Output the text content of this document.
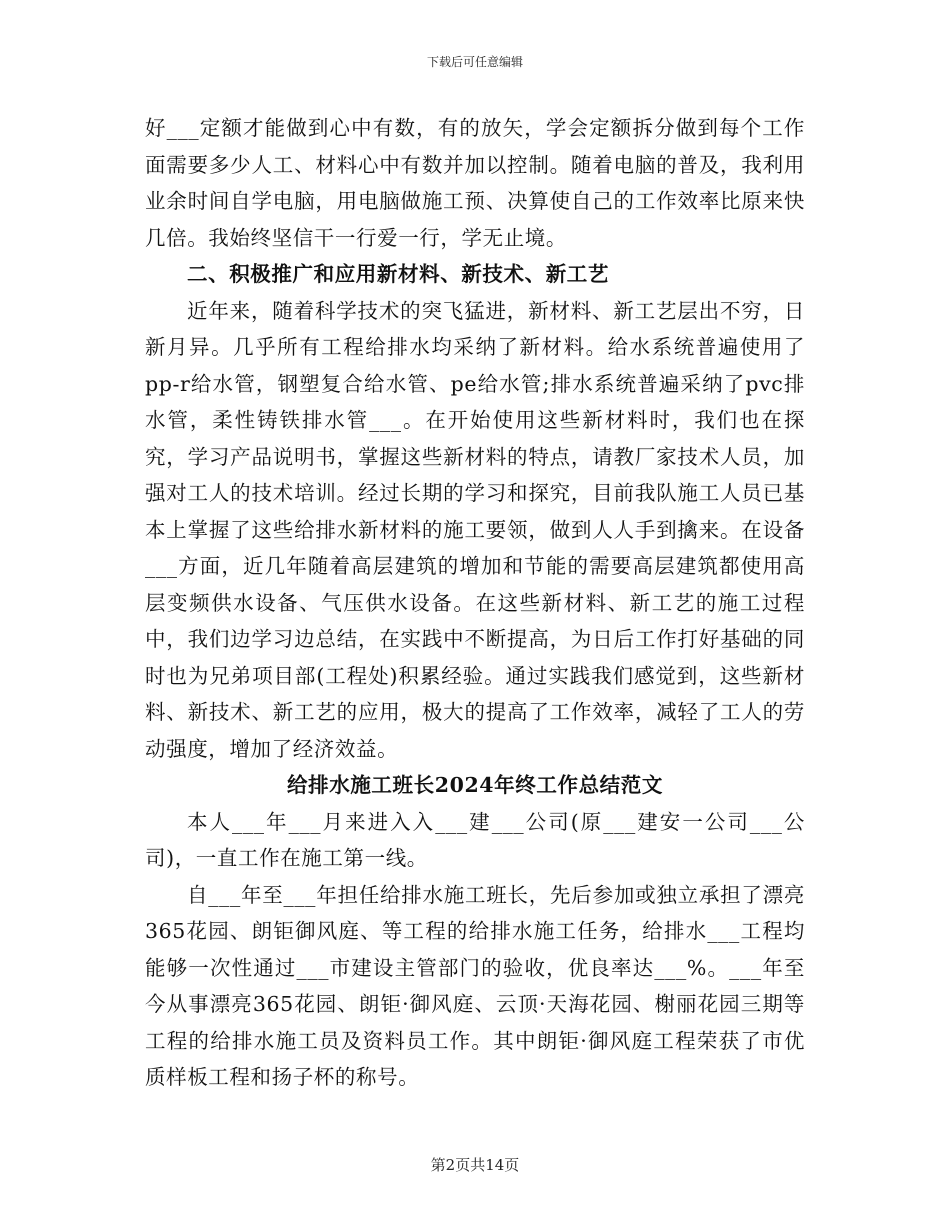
下载后可任意编辑

好___定额才能做到心中有数，有的放矢，学会定额拆分做到每个工作面需要多少人工、材料心中有数并加以控制。随着电脑的普及，我利用业余时间自学电脑，用电脑做施工预、决算使自己的工作效率比原来快几倍。我始终坚信干一行爱一行，学无止境。

二、积极推广和应用新材料、新技术、新工艺

近年来，随着科学技术的突飞猛进，新材料、新工艺层出不穷，日新月异。几乎所有工程给排水均采纳了新材料。给水系统普遍使用了pp-r给水管，钢塑复合给水管、pe给水管;排水系统普遍采纳了pvc排水管，柔性铸铁排水管___。在开始使用这些新材料时，我们也在探究，学习产品说明书，掌握这些新材料的特点，请教厂家技术人员，加强对工人的技术培训。经过长期的学习和探究，目前我队施工人员已基本上掌握了这些给排水新材料的施工要领，做到人人手到擒来。在设备___方面，近几年随着高层建筑的增加和节能的需要高层建筑都使用高层变频供水设备、气压供水设备。在这些新材料、新工艺的施工过程中，我们边学习边总结，在实践中不断提高，为日后工作打好基础的同时也为兄弟项目部(工程处)积累经验。通过实践我们感觉到，这些新材料、新技术、新工艺的应用，极大的提高了工作效率，减轻了工人的劳动强度，增加了经济效益。

给排水施工班长2024年终工作总结范文

本人___年___月来进入入___建___公司(原___建安一公司___公司)，一直工作在施工第一线。

自___年至___年担任给排水施工班长，先后参加或独立承担了漂亮365花园、朗钜御风庭、等工程的给排水施工任务，给排水___工程均能够一次性通过___市建设主管部门的验收，优良率达___%。___年至今从事漂亮365花园、朗钜·御风庭、云顶·天海花园、榭丽花园三期等工程的给排水施工员及资料员工作。其中朗钜·御风庭工程荣获了市优质样板工程和扬子杯的称号。

第2页共14页
